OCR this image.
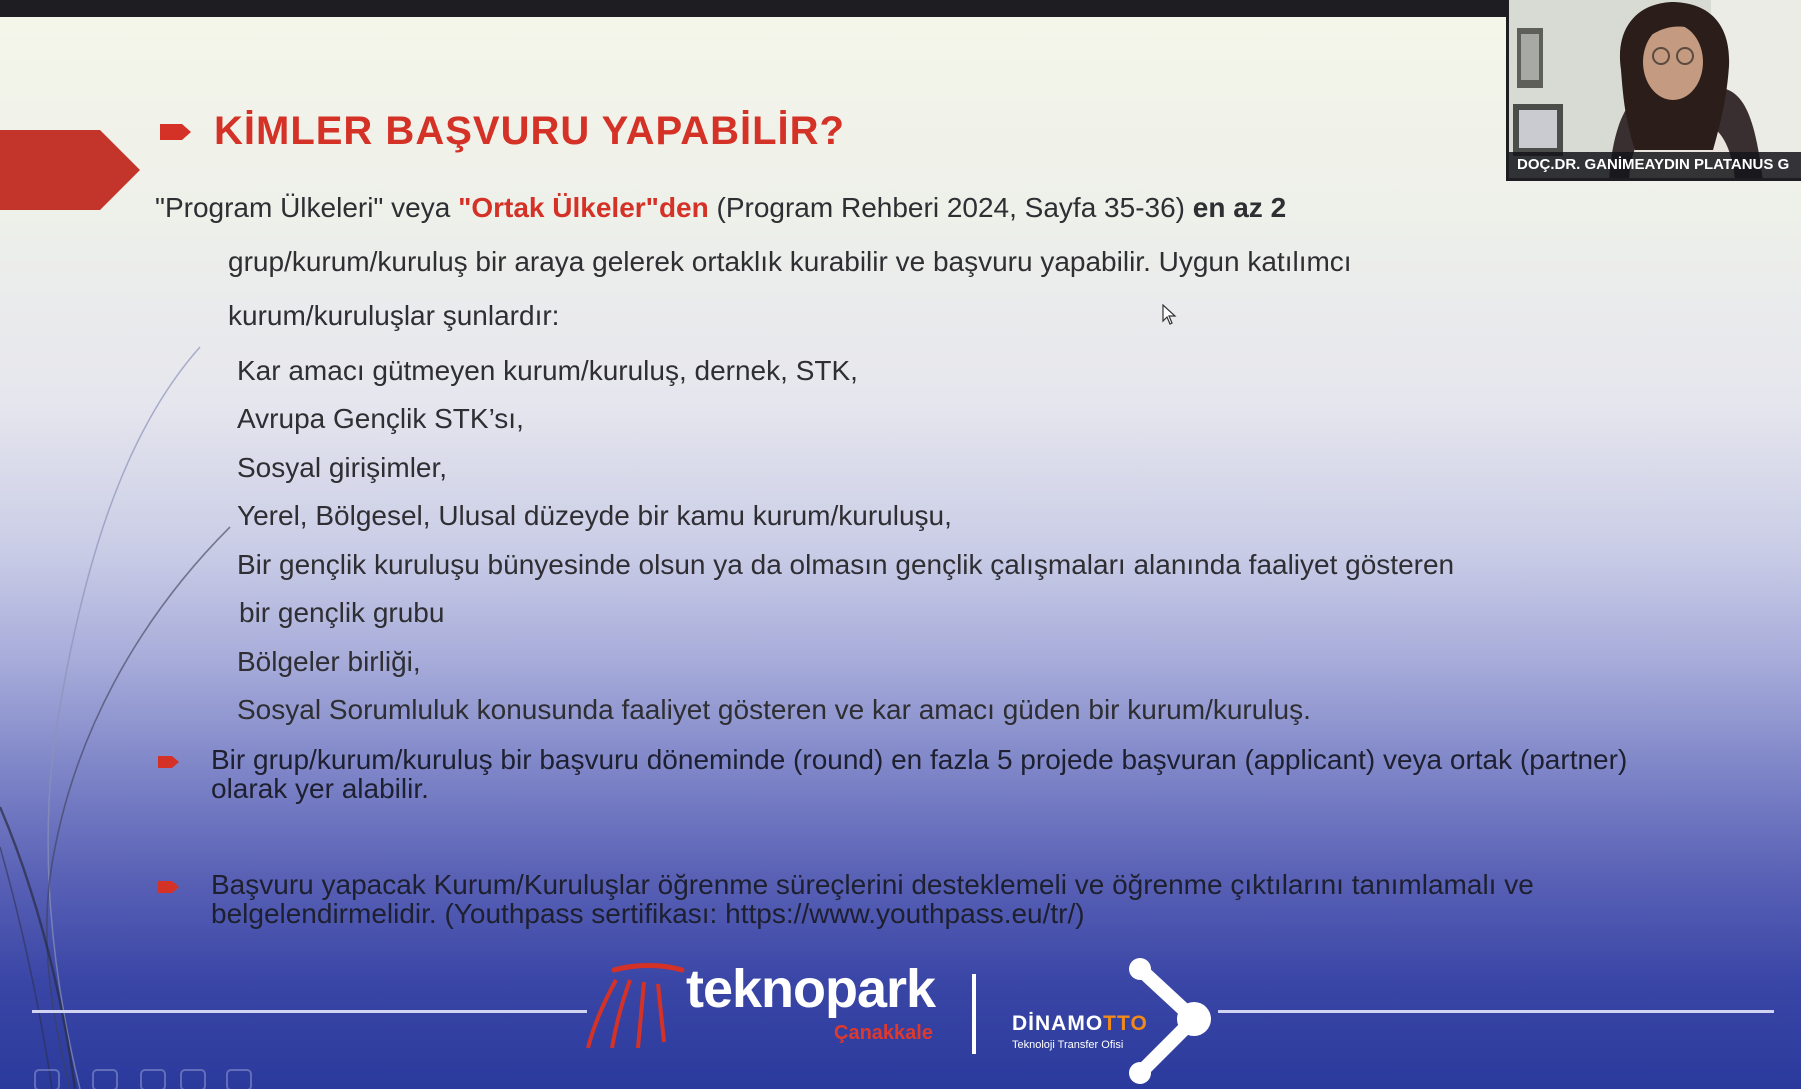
KİMLER BAŞVURU YAPABİLİR?
"Program Ülkeleri" veya "Ortak Ülkeler"den (Program Rehberi 2024, Sayfa 35-36) en az 2
grup/kurum/kuruluş bir araya gelerek ortaklık kurabilir ve başvuru yapabilir. Uygun katılımcı
kurum/kuruluşlar şunlardır:
Kar amacı gütmeyen kurum/kuruluş, dernek, STK,
Avrupa Gençlik STK’sı,
Sosyal girişimler,
Yerel, Bölgesel, Ulusal düzeyde bir kamu kurum/kuruluşu,
Bir gençlik kuruluşu bünyesinde olsun ya da olmasın gençlik çalışmaları alanında faaliyet gösteren
bir gençlik grubu
Bölgeler birliği,
Sosyal Sorumluluk konusunda faaliyet gösteren ve kar amacı güden bir kurum/kuruluş.
Bir grup/kurum/kuruluş bir başvuru döneminde (round) en fazla 5 projede başvuran (applicant) veya ortak (partner) olarak yer alabilir.
Başvuru yapacak Kurum/Kuruluşlar öğrenme süreçlerini desteklemeli ve öğrenme çıktılarını tanımlamalı ve belgelendirmelidir. (Youthpass sertifikası: https://www.youthpass.eu/tr/)
teknopark
Çanakkale	DİNAMOTTO
Teknoloji Transfer Ofisi
DOÇ.DR. GANİMEAYDIN PLATANUS G
